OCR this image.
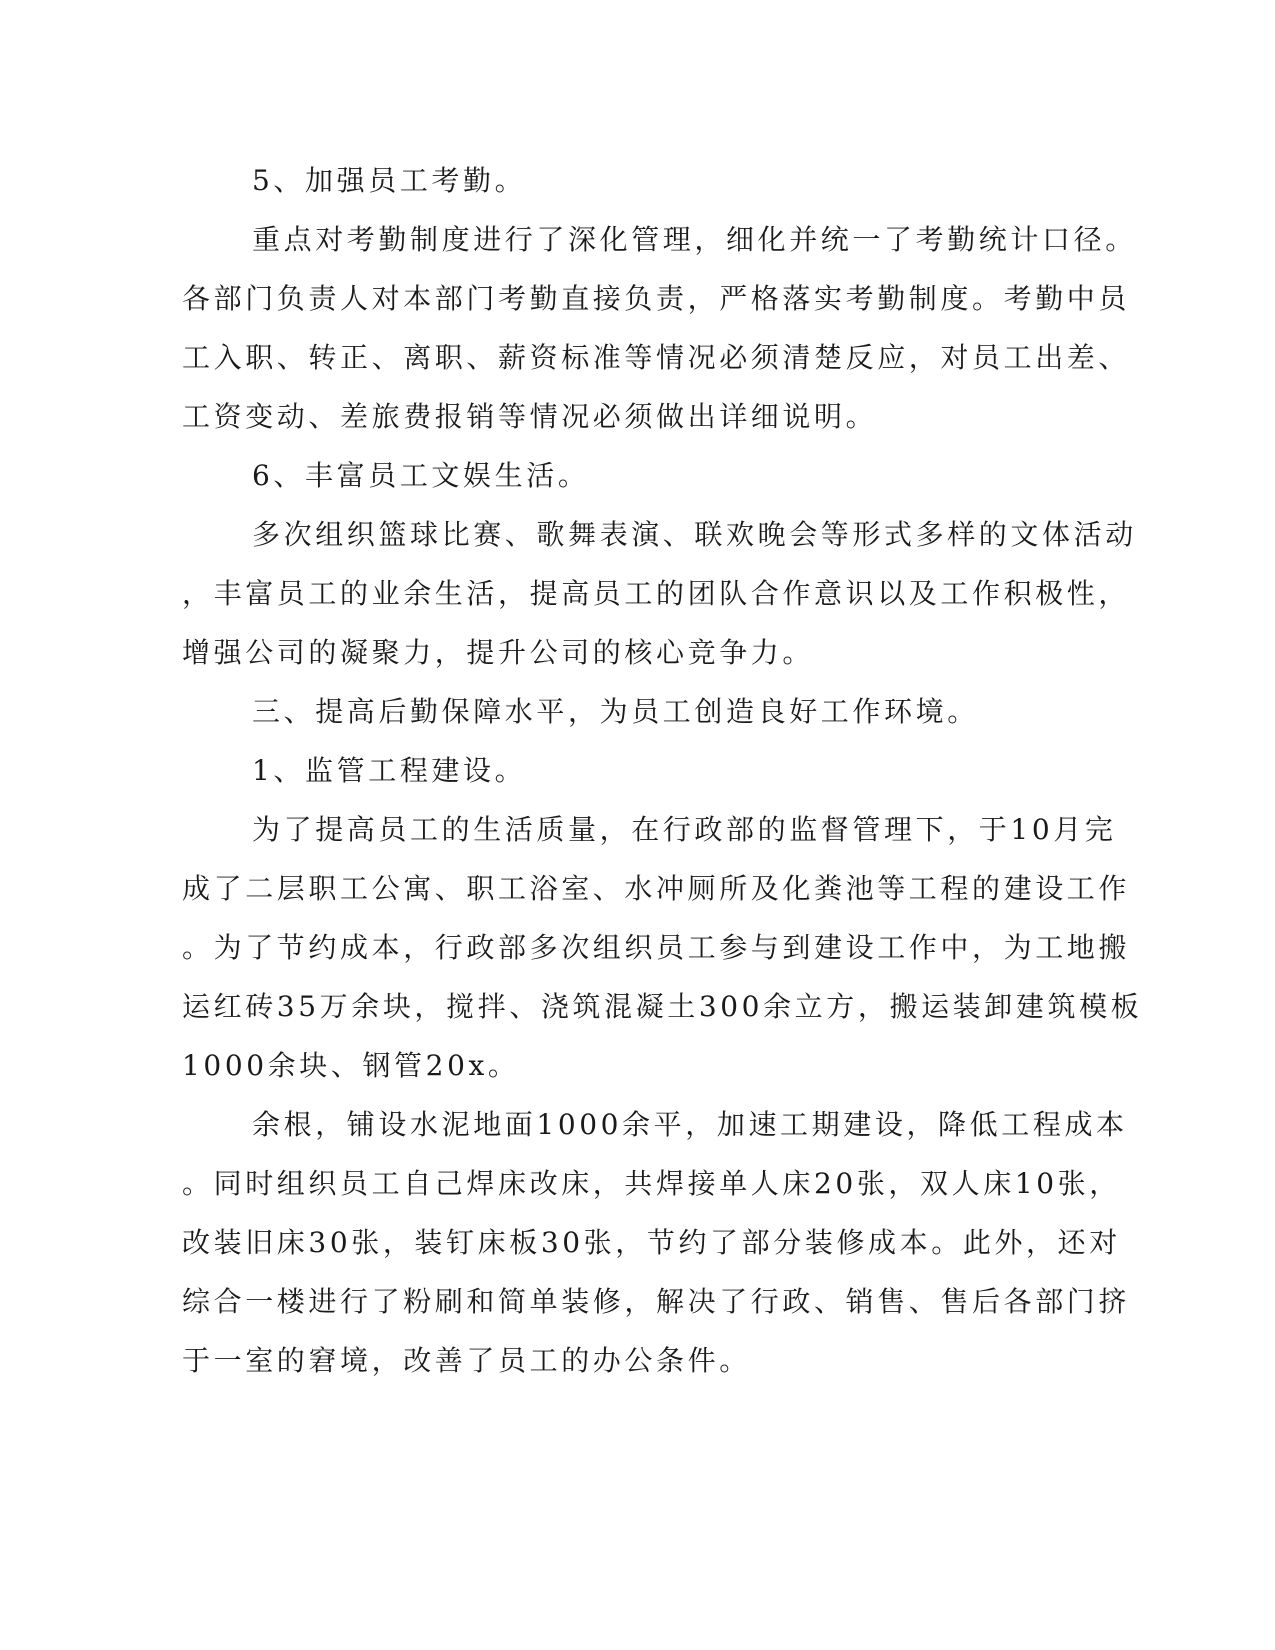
5、加强员工考勤。
重点对考勤制度进行了深化管理，细化并统一了考勤统计口径。
各部门负责人对本部门考勤直接负责，严格落实考勤制度。考勤中员
工入职、转正、离职、薪资标准等情况必须清楚反应，对员工出差、
工资变动、差旅费报销等情况必须做出详细说明。
6、丰富员工文娱生活。
多次组织篮球比赛、歌舞表演、联欢晚会等形式多样的文体活动
，丰富员工的业余生活，提高员工的团队合作意识以及工作积极性，
增强公司的凝聚力，提升公司的核心竞争力。
三、提高后勤保障水平，为员工创造良好工作环境。
1、监管工程建设。
为了提高员工的生活质量，在行政部的监督管理下，于10月完
成了二层职工公寓、职工浴室、水冲厕所及化粪池等工程的建设工作
。为了节约成本，行政部多次组织员工参与到建设工作中，为工地搬
运红砖35万余块，搅拌、浇筑混凝土300余立方，搬运装卸建筑模板
1000余块、钢管20x。
余根，铺设水泥地面1000余平，加速工期建设，降低工程成本
。同时组织员工自己焊床改床，共焊接单人床20张，双人床10张，
改装旧床30张，装钉床板30张，节约了部分装修成本。此外，还对
综合一楼进行了粉刷和简单装修，解决了行政、销售、售后各部门挤
于一室的窘境，改善了员工的办公条件。
